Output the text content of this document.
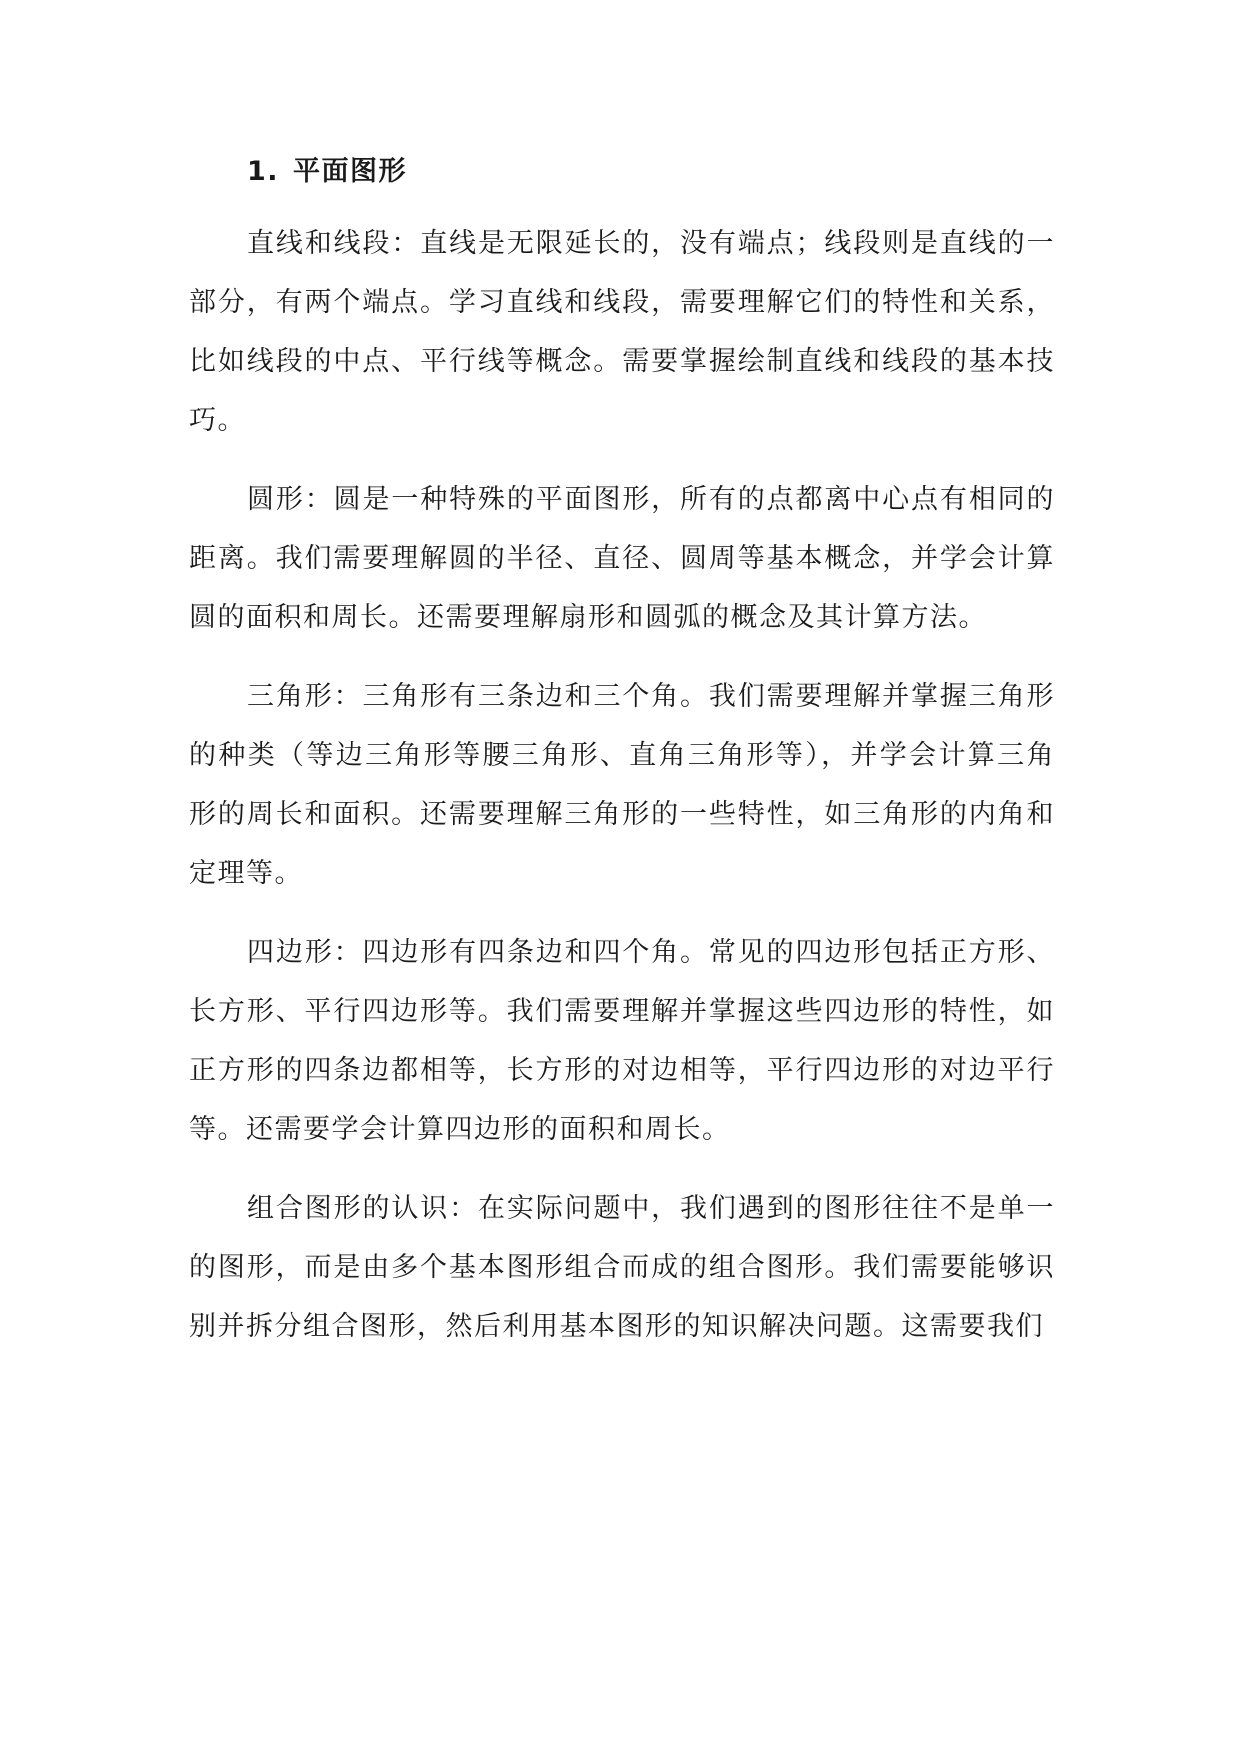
1. 平面图形

直线和线段：直线是无限延长的，没有端点；线段则是直线的一部分，有两个端点。学习直线和线段，需要理解它们的特性和关系，比如线段的中点、平行线等概念。需要掌握绘制直线和线段的基本技巧。

圆形：圆是一种特殊的平面图形，所有的点都离中心点有相同的距离。我们需要理解圆的半径、直径、圆周等基本概念，并学会计算圆的面积和周长。还需要理解扇形和圆弧的概念及其计算方法。

三角形：三角形有三条边和三个角。我们需要理解并掌握三角形的种类（等边三角形等腰三角形、直角三角形等），并学会计算三角形的周长和面积。还需要理解三角形的一些特性，如三角形的内角和定理等。

四边形：四边形有四条边和四个角。常见的四边形包括正方形、长方形、平行四边形等。我们需要理解并掌握这些四边形的特性，如正方形的四条边都相等，长方形的对边相等，平行四边形的对边平行等。还需要学会计算四边形的面积和周长。

组合图形的认识：在实际问题中，我们遇到的图形往往不是单一的图形，而是由多个基本图形组合而成的组合图形。我们需要能够识别并拆分组合图形，然后利用基本图形的知识解决问题。这需要我们
